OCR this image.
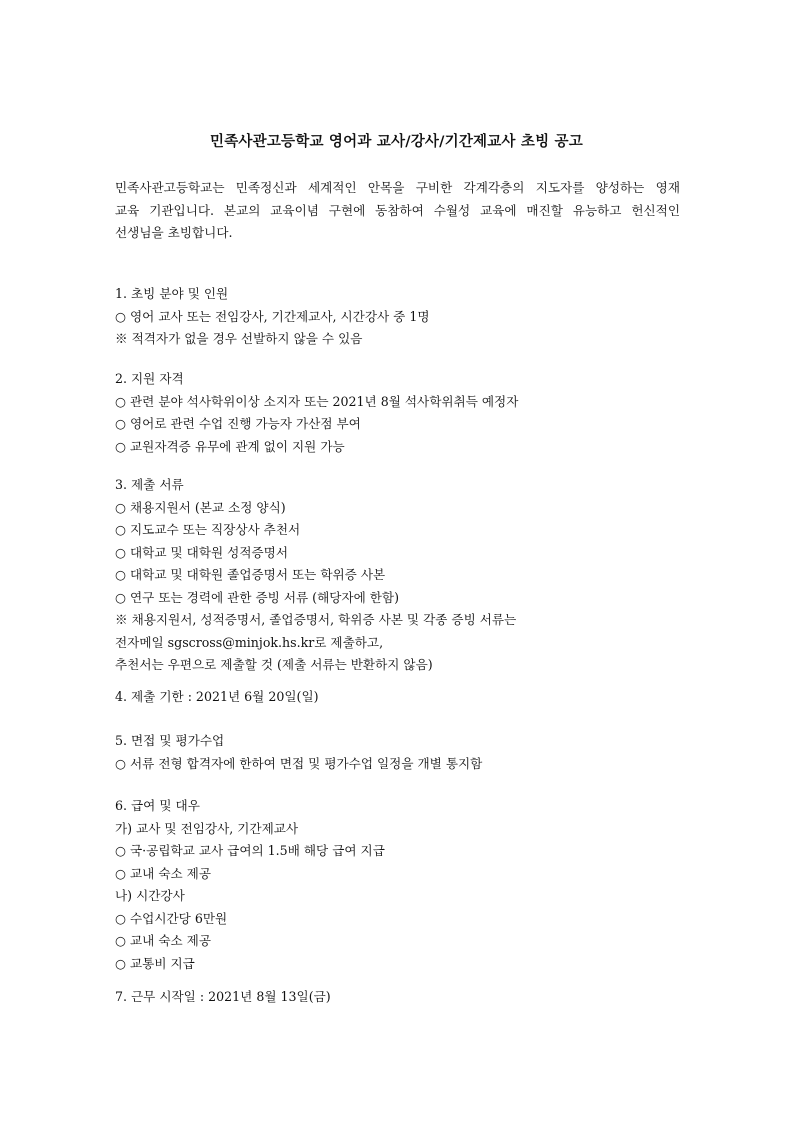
민족사관고등학교 영어과 교사/강사/기간제교사 초빙 공고
민족사관고등학교는 민족정신과 세계적인 안목을 구비한 각계각층의 지도자를 양성하는 영재
교육 기관입니다. 본교의 교육이념 구현에 동참하여 수월성 교육에 매진할 유능하고 헌신적인
선생님을 초빙합니다.
1. 초빙 분야 및 인원
○ 영어 교사 또는 전임강사, 기간제교사, 시간강사 중 1명
※ 적격자가 없을 경우 선발하지 않을 수 있음
2. 지원 자격
○ 관련 분야 석사학위이상 소지자 또는 2021년 8월 석사학위취득 예정자
○ 영어로 관련 수업 진행 가능자 가산점 부여
○ 교원자격증 유무에 관계 없이 지원 가능
3. 제출 서류
○ 채용지원서 (본교 소정 양식)
○ 지도교수 또는 직장상사 추천서
○ 대학교 및 대학원 성적증명서
○ 대학교 및 대학원 졸업증명서 또는 학위증 사본
○ 연구 또는 경력에 관한 증빙 서류 (해당자에 한함)
※ 채용지원서, 성적증명서, 졸업증명서, 학위증 사본 및 각종 증빙 서류는
전자메일 sgscross@minjok.hs.kr로 제출하고,
추천서는 우편으로 제출할 것 (제출 서류는 반환하지 않음)
4. 제출 기한 : 2021년 6월 20일(일)
5. 면접 및 평가수업
○ 서류 전형 합격자에 한하여 면접 및 평가수업 일정을 개별 통지함
6. 급여 및 대우
가) 교사 및 전임강사, 기간제교사
○ 국·공립학교 교사 급여의 1.5배 해당 급여 지급
○ 교내 숙소 제공
나) 시간강사
○ 수업시간당 6만원
○ 교내 숙소 제공
○ 교통비 지급
7. 근무 시작일 : 2021년 8월 13일(금)
